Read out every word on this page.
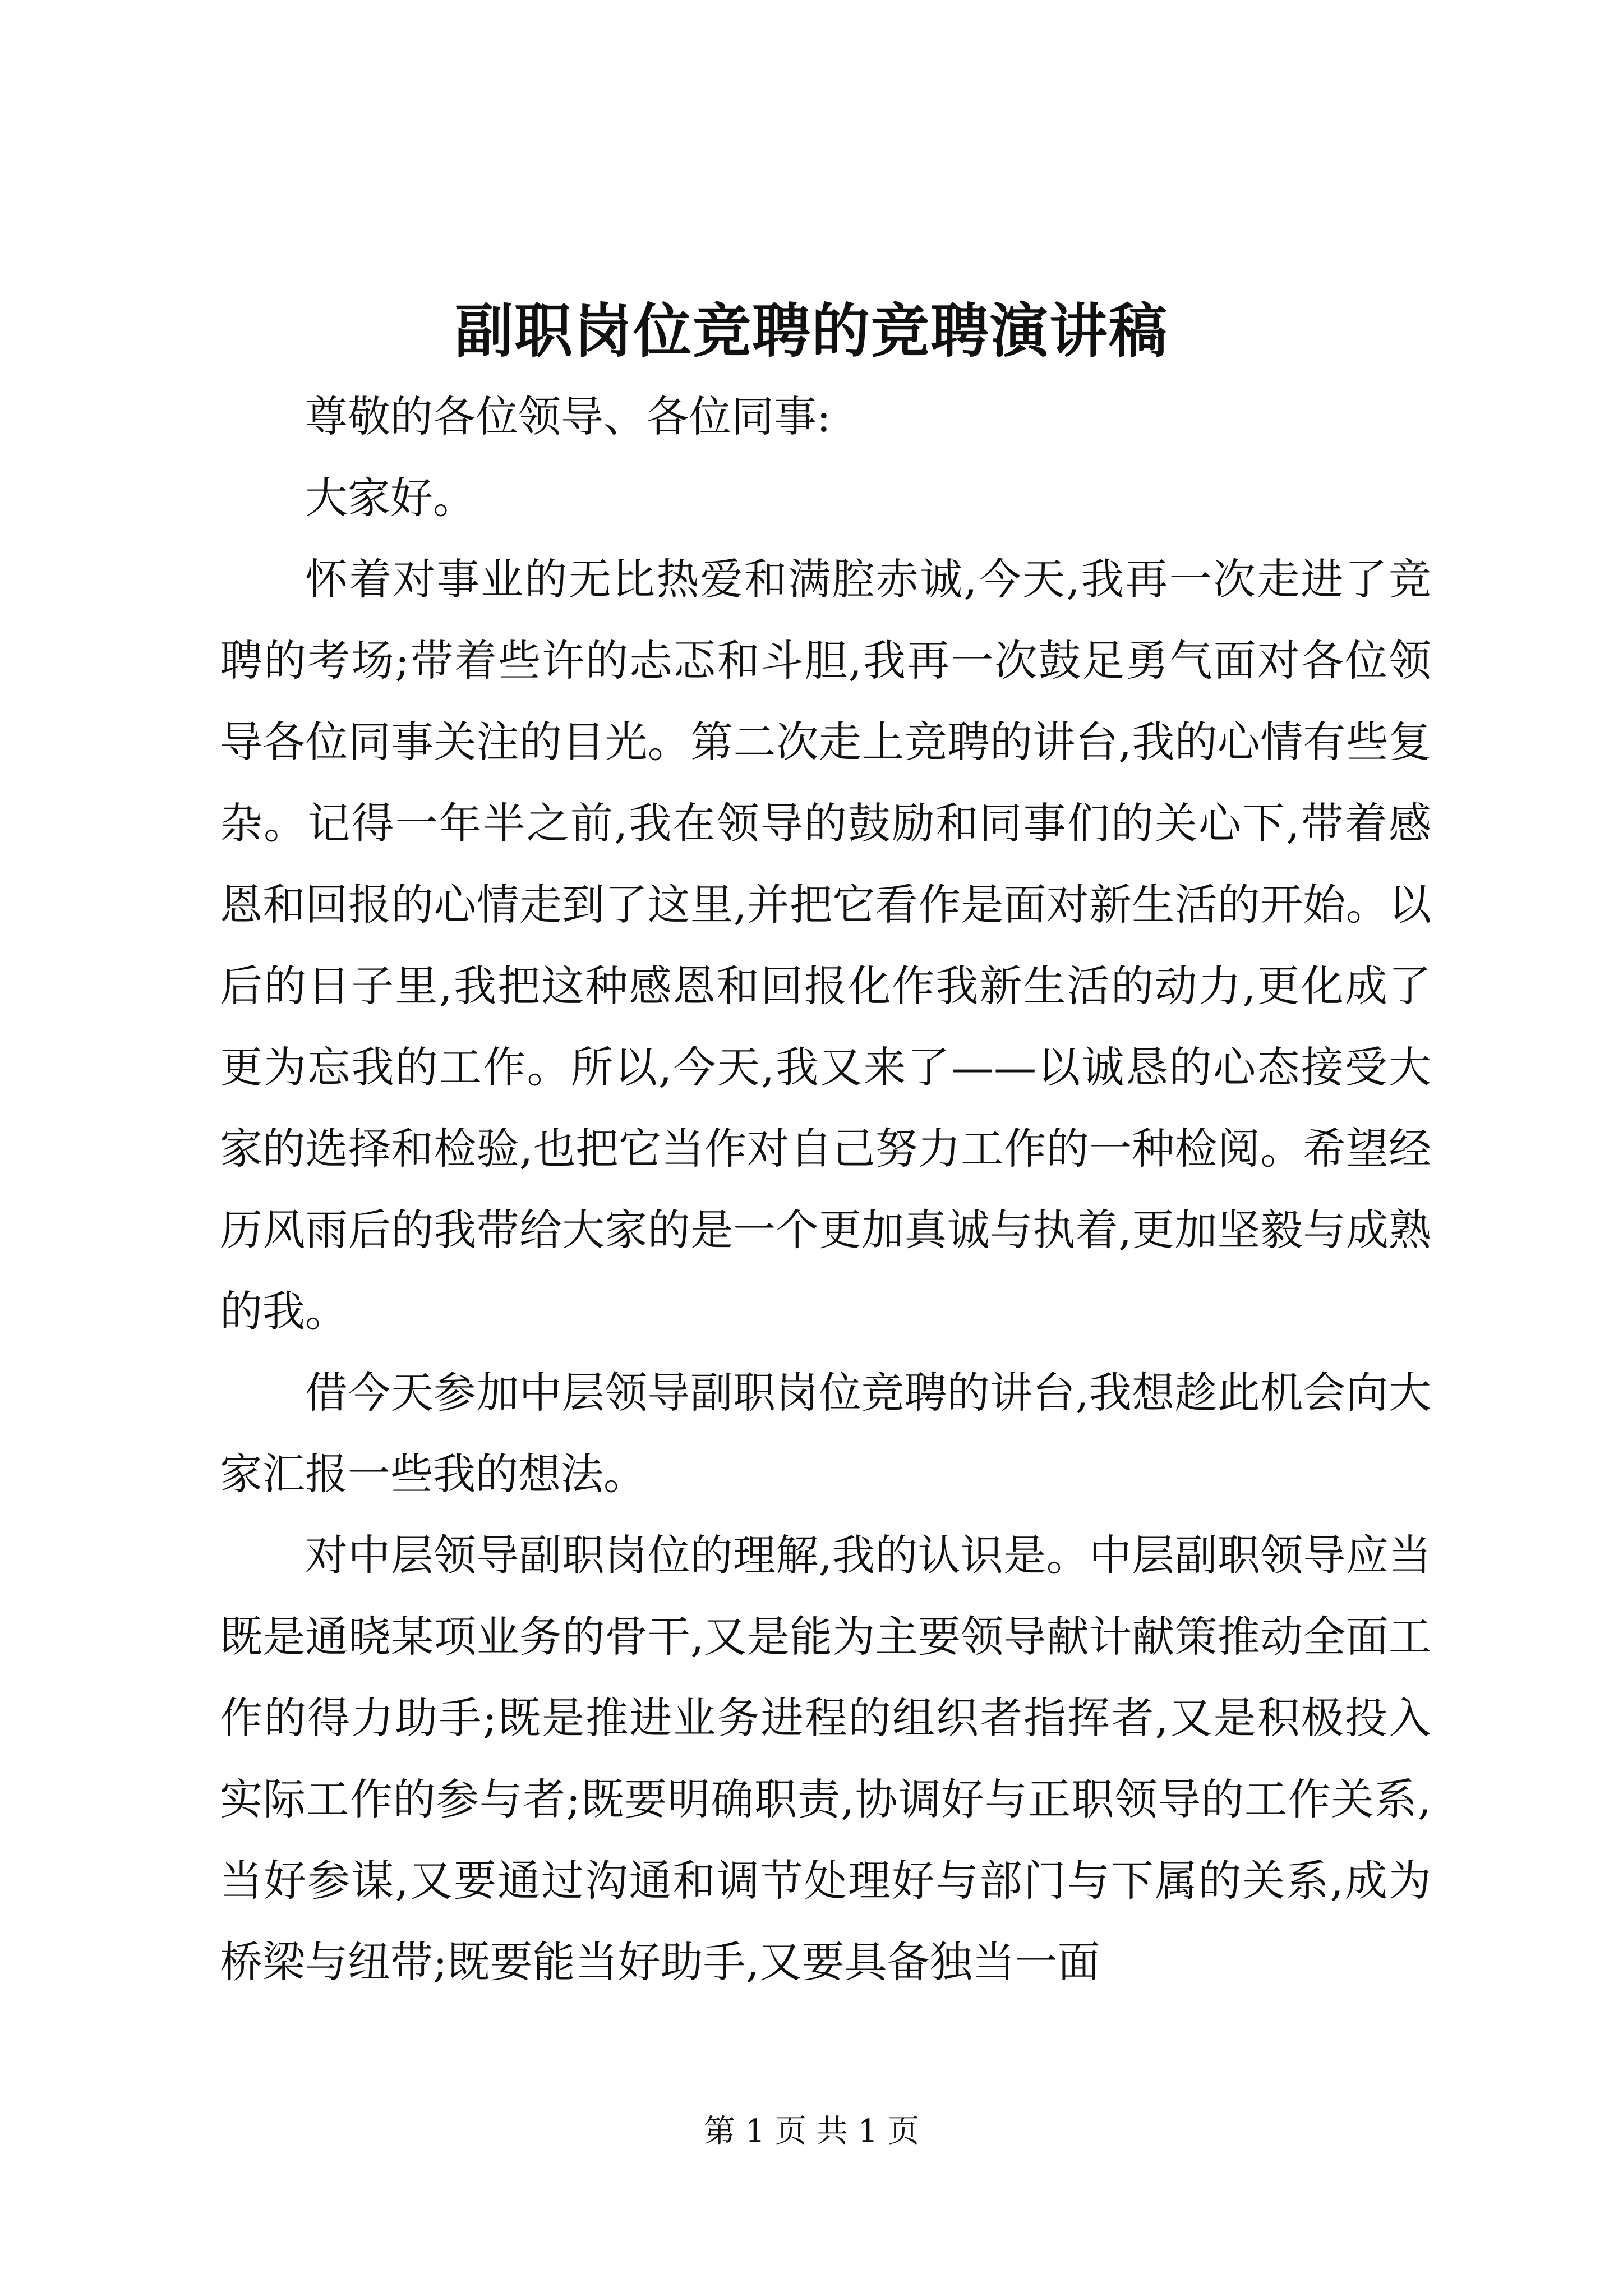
副职岗位竞聘的竞聘演讲稿

尊敬的各位领导、各位同事:

大家好。

怀着对事业的无比热爱和满腔赤诚,今天,我再一次走进了竞聘的考场;带着些许的忐忑和斗胆,我再一次鼓足勇气面对各位领导各位同事关注的目光。第二次走上竞聘的讲台,我的心情有些复杂。记得一年半之前,我在领导的鼓励和同事们的关心下,带着感恩和回报的心情走到了这里,并把它看作是面对新生活的开始。以后的日子里,我把这种感恩和回报化作我新生活的动力,更化成了更为忘我的工作。所以,今天,我又来了——以诚恳的心态接受大家的选择和检验,也把它当作对自己努力工作的一种检阅。希望经历风雨后的我带给大家的是一个更加真诚与执着,更加坚毅与成熟的我。

借今天参加中层领导副职岗位竞聘的讲台,我想趁此机会向大家汇报一些我的想法。

对中层领导副职岗位的理解,我的认识是。中层副职领导应当既是通晓某项业务的骨干,又是能为主要领导献计献策推动全面工作的得力助手;既是推进业务进程的组织者指挥者,又是积极投入实际工作的参与者;既要明确职责,协调好与正职领导的工作关系,当好参谋,又要通过沟通和调节处理好与部门与下属的关系,成为桥梁与纽带;既要能当好助手,又要具备独当一面

第 1 页 共 1 页
